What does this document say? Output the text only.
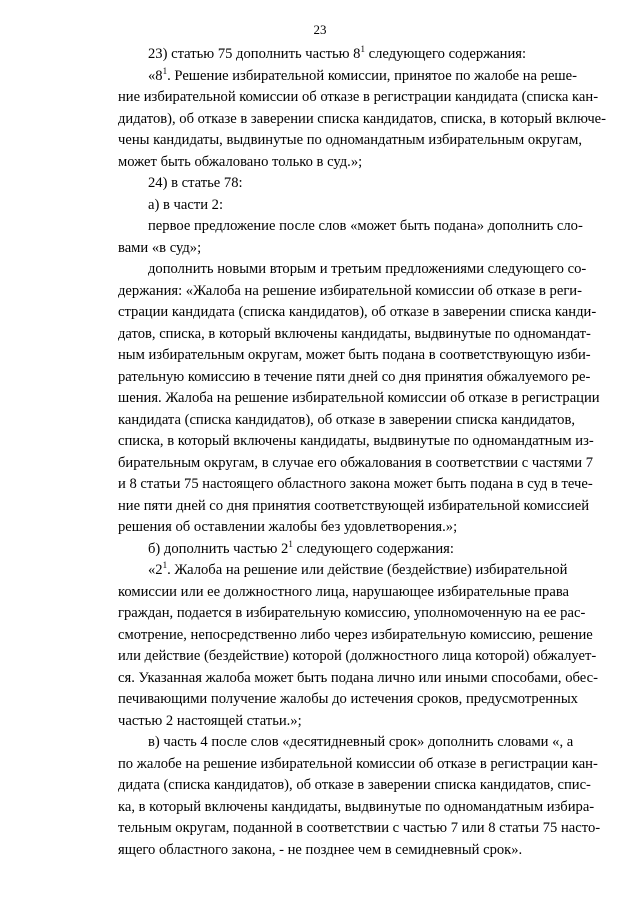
23
23) статью 75 дополнить частью $8^1$ следующего содержания:
«$8^1$. Решение избирательной комиссии, принятое по жалобе на реше-
ние избирательной комиссии об отказе в регистрации кандидата (списка кан-
дидатов), об отказе в заверении списка кандидатов, списка, в который включе-
чены кандидаты, выдвинутые по одномандатным избирательным округам,
может быть обжаловано только в суд.»;
24) в статье 78:
а) в части 2:
первое предложение после слов «может быть подана» дополнить сло-
вами «в суд»;
дополнить новыми вторым и третьим предложениями следующего со-
держания: «Жалоба на решение избирательной комиссии об отказе в реги-
страции кандидата (списка кандидатов), об отказе в заверении списка канди-
датов, списка, в который включены кандидаты, выдвинутые по одномандат-
ным избирательным округам, может быть подана в соответствующую изби-
рательную комиссию в течение пяти дней со дня принятия обжалуемого ре-
шения. Жалоба на решение избирательной комиссии об отказе в регистрации
кандидата (списка кандидатов), об отказе в заверении списка кандидатов,
списка, в который включены кандидаты, выдвинутые по одномандатным из-
бирательным округам, в случае его обжалования в соответствии с частями 7
и 8 статьи 75 настоящего областного закона может быть подана в суд в тече-
ние пяти дней со дня принятия соответствующей избирательной комиссией
решения об оставлении жалобы без удовлетворения.»;
б) дополнить частью $2^1$ следующего содержания:
«$2^1$. Жалоба на решение или действие (бездействие) избирательной
комиссии или ее должностного лица, нарушающее избирательные права
граждан, подается в избирательную комиссию, уполномоченную на ее рас-
смотрение, непосредственно либо через избирательную комиссию, решение
или действие (бездействие) которой (должностного лица которой) обжалует-
ся. Указанная жалоба может быть подана лично или иными способами, обес-
печивающими получение жалобы до истечения сроков, предусмотренных
частью 2 настоящей статьи.»;
в) часть 4 после слов «десятидневный срок» дополнить словами «, а
по жалобе на решение избирательной комиссии об отказе в регистрации кан-
дидата (списка кандидатов), об отказе в заверении списка кандидатов, спис-
ка, в который включены кандидаты, выдвинутые по одномандатным избира-
тельным округам, поданной в соответствии с частью 7 или 8 статьи 75 насто-
ящего областного закона, - не позднее чем в семидневный срок».
